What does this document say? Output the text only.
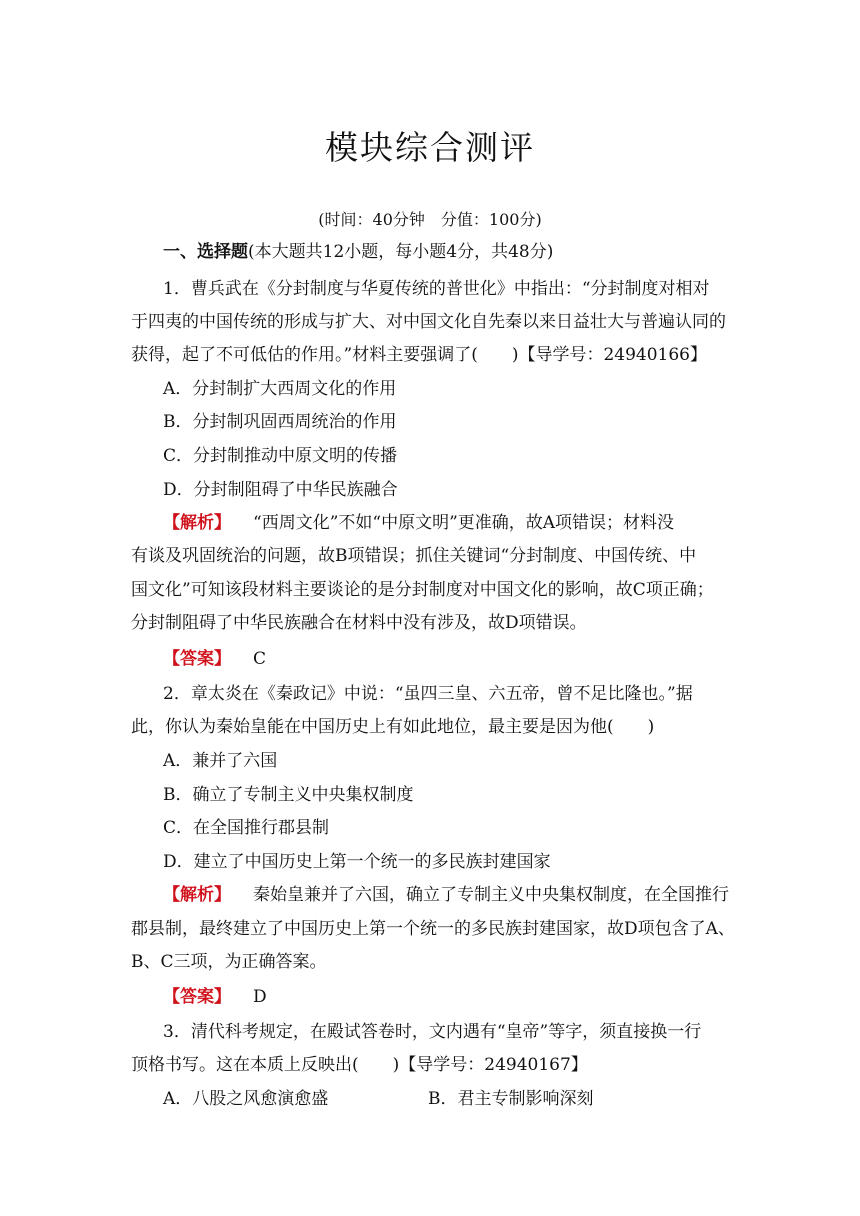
模块综合测评
(时间：40分钟　分值：100分)
一、选择题(本大题共12小题，每小题4分，共48分)
1．曹兵武在《分封制度与华夏传统的普世化》中指出：“分封制度对相对
于四夷的中国传统的形成与扩大、对中国文化自先秦以来日益壮大与普遍认同的
获得，起了不可低估的作用。”材料主要强调了(　　)【导学号：24940166】
A．分封制扩大西周文化的作用
B．分封制巩固西周统治的作用
C．分封制推动中原文明的传播
D．分封制阻碍了中华民族融合
【解析】 “西周文化”不如“中原文明”更准确，故A项错误；材料没
有谈及巩固统治的问题，故B项错误；抓住关键词“分封制度、中国传统、中
国文化”可知该段材料主要谈论的是分封制度对中国文化的影响，故C项正确；
分封制阻碍了中华民族融合在材料中没有涉及，故D项错误。
【答案】 C
2．章太炎在《秦政记》中说：“虽四三皇、六五帝，曾不足比隆也。”据
此，你认为秦始皇能在中国历史上有如此地位，最主要是因为他(　　)
A．兼并了六国
B．确立了专制主义中央集权制度
C．在全国推行郡县制
D．建立了中国历史上第一个统一的多民族封建国家
【解析】 秦始皇兼并了六国，确立了专制主义中央集权制度，在全国推行
郡县制，最终建立了中国历史上第一个统一的多民族封建国家，故D项包含了A、
B、C三项，为正确答案。
【答案】 D
3．清代科考规定，在殿试答卷时，文内遇有“皇帝”等字，须直接换一行
顶格书写。这在本质上反映出(　　)【导学号：24940167】
A．八股之风愈演愈盛	B．君主专制影响深刻
